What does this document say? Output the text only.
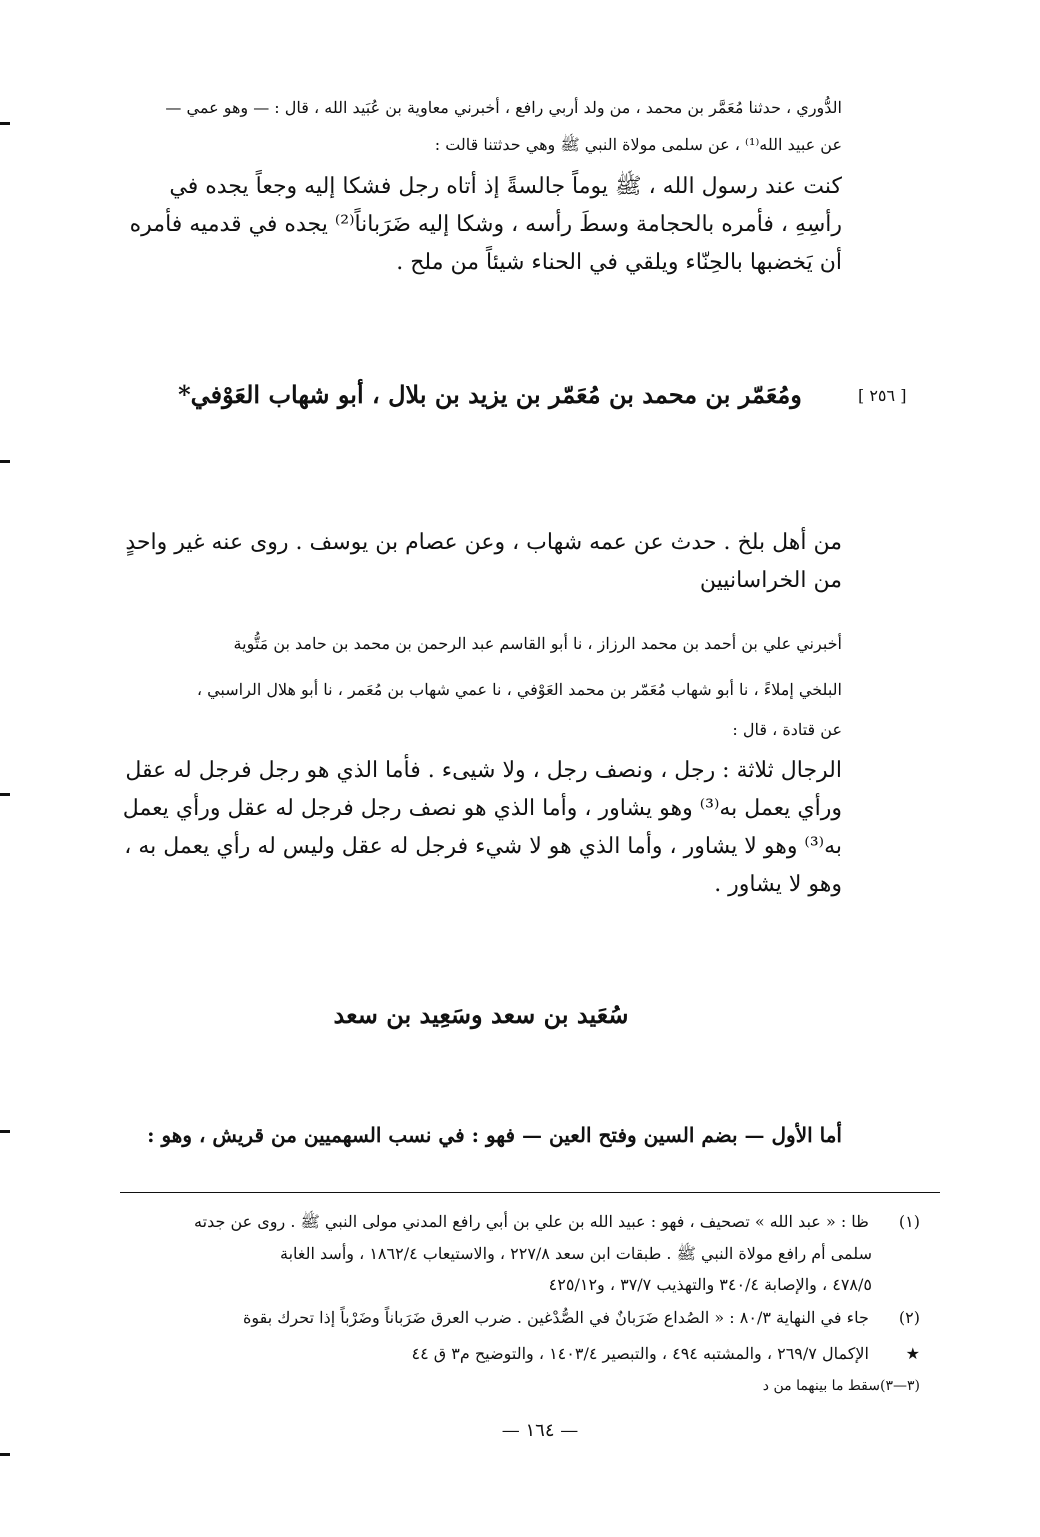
الدُّوري ، حدثنا مُعَمَّر بن محمد ، من ولد أربي رافع ، أخبرني معاوية بن عُبَيد الله ، قال : — وهو عمي —
عن عبيد الله⁽¹⁾ ، عن سلمى مولاة النبي ﷺ وهي حدثتنا قالت :
كنت عند رسول الله ، ﷺ يوماً جالسةً إذ أتاه رجل فشكا إليه وجعاً يجده في رأسِهِ ، فأمره بالحجامة وسطَ رأسه ، وشكا إليه ضَرَباناً⁽²⁾ يجده في قدميه فأمره أن يَخضبها بالحِنّاء ويلقي في الحناء شيئاً من ملح .
[ ٢٥٦ ]
ومُعَمّر بن محمد بن مُعَمّر بن يزيد بن بلال ، أبو شهاب العَوْفي*
من أهل بلخ . حدث عن عمه شهاب ، وعن عصام بن يوسف . روى عنه غير واحدٍ من الخراسانيين
أخبرني علي بن أحمد بن محمد الرزاز ، نا أبو القاسم عبد الرحمن بن محمد بن حامد بن مَتُّوية
البلخي إملاءً ، نا أبو شهاب مُعَمّر بن محمد العَوْفي ، نا عمي شهاب بن مُعَمر ، نا أبو هلال الراسبي ،
عن قتادة ، قال :
الرجال ثلاثة : رجل ، ونصف رجل ، ولا شيىء . فأما الذي هو رجل فرجل له عقل ورأي يعمل به⁽³⁾ وهو يشاور ، وأما الذي هو نصف رجل فرجل له عقل ورأي يعمل به⁽³⁾ وهو لا يشاور ، وأما الذي هو لا شيء فرجل له عقل وليس له رأي يعمل به ، وهو لا يشاور .
سُعَيد بن سعد وسَعِيد بن سعد
أما الأول — بضم السين وفتح العين — فهو : في نسب السهميين من قريش ، وهو :
(١) ظا : « عبد الله » تصحيف ، فهو : عبيد الله بن علي بن أبي رافع المدني مولى النبي ﷺ . روى عن جدته
سلمى أم رافع مولاة النبي ﷺ . طبقات ابن سعد ٢٢٧/٨ ، والاستيعاب ١٨٦٢/٤ ، وأسد الغابة
٤٧٨/٥ ، والإصابة ٣٤٠/٤ والتهذيب ٣٧/٧ ، و٤٢٥/١٢
(٢) جاء في النهاية ٨٠/٣ : « الصُداع ضَرَبانٌ في الصُّدْغين . ضرب العرق ضَرَباناً وضَرْباً إذا تحرك بقوة
★ الإكمال ٢٦٩/٧ ، والمشتبه ٤٩٤ ، والتبصير ١٤٠٣/٤ ، والتوضيح م٣ ق ٤٤
(٣—٣)سقط ما بينهما من د
— ١٦٤ —
